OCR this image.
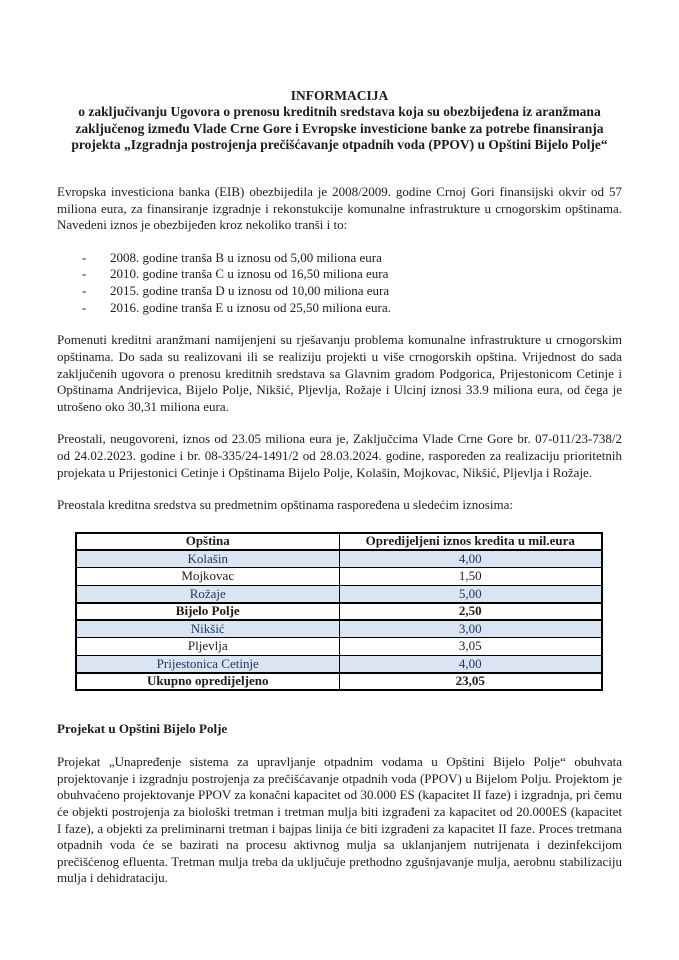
INFORMACIJA
o zaključivanju Ugovora o prenosu kreditnih sredstava koja su obezbijeđena iz aranžmana zaključenog između Vlade Crne Gore i Evropske investicione banke za potrebe finansiranja projekta „Izgradnja postrojenja prečišćavanje otpadnih voda (PPOV) u Opštini Bijelo Polje“

Evropska investiciona banka (EIB) obezbijedila je 2008/2009. godine Crnoj Gori finansijski okvir od 57 miliona eura, za finansiranje izgradnje i rekonstukcije komunalne infrastrukture u crnogorskim opštinama. Navedeni iznos je obezbijeđen kroz nekoliko tranši i to:

-	2008. godine tranša B u iznosu od 5,00 miliona eura
-	2010. godine tranša C u iznosu od 16,50 miliona eura
-	2015. godine tranša D u iznosu od 10,00 miliona eura
-	2016. godine tranša E u iznosu od 25,50 miliona eura.

Pomenuti kreditni aranžmani namijenjeni su rješavanju problema komunalne infrastrukture u crnogorskim opštinama. Do sada su realizovani ili se realiziju projekti u više crnogorskih opština. Vrijednost do sada zaključenih ugovora o prenosu kreditnih sredstava sa Glavnim gradom Podgorica, Prijestonicom Cetinje i Opštinama Andrijevica, Bijelo Polje, Nikšić, Pljevlja, Rožaje i Ulcinj iznosi 33.9 miliona eura, od čega je utrošeno oko 30,31 miliona eura.

Preostali, neugovoreni, iznos od 23.05 miliona eura je, Zaključcima Vlade Crne Gore br. 07-011/23-738/2 od 24.02.2023. godine i br. 08-335/24-1491/2 od 28.03.2024. godine, raspoređen za realizaciju prioritetnih projekata u Prijestonici Cetinje i Opštinama Bijelo Polje, Kolašin, Mojkovac, Nikšić, Pljevlja i Rožaje.

Preostala kreditna sredstva su predmetnim opštinama raspoređena u sledećim iznosima:

Opština	Opredijeljeni iznos kredita u mil.eura
Kolašin	4,00
Mojkovac	1,50
Rožaje	5,00
Bijelo Polje	2,50
Nikšić	3,00
Pljevlja	3,05
Prijestonica Cetinje	4,00
Ukupno opredijeljeno	23,05
Projekat u Opštini Bijelo Polje

Projekat „Unapređenje sistema za upravljanje otpadnim vodama u Opštini Bijelo Polje“ obuhvata projektovanje i izgradnju postrojenja za prečišćavanje otpadnih voda (PPOV) u Bijelom Polju. Projektom je obuhvaćeno projektovanje PPOV za konačni kapacitet od 30.000 ES (kapacitet II faze) i izgradnja, pri čemu će objekti postrojenja za biološki tretman i tretman mulja biti izgrađeni za kapacitet od 20.000ES (kapacitet I faze), a objekti za preliminarni tretman i bajpas linija će biti izgrađeni za kapacitet II faze. Proces tretmana otpadnih voda će se bazirati na procesu aktivnog mulja sa uklanjanjem nutrijenata i dezinfekcijom prečišćenog efluenta. Tretman mulja treba da uključuje prethodno zgušnjavanje mulja, aerobnu stabilizaciju mulja i dehidrataciju.
